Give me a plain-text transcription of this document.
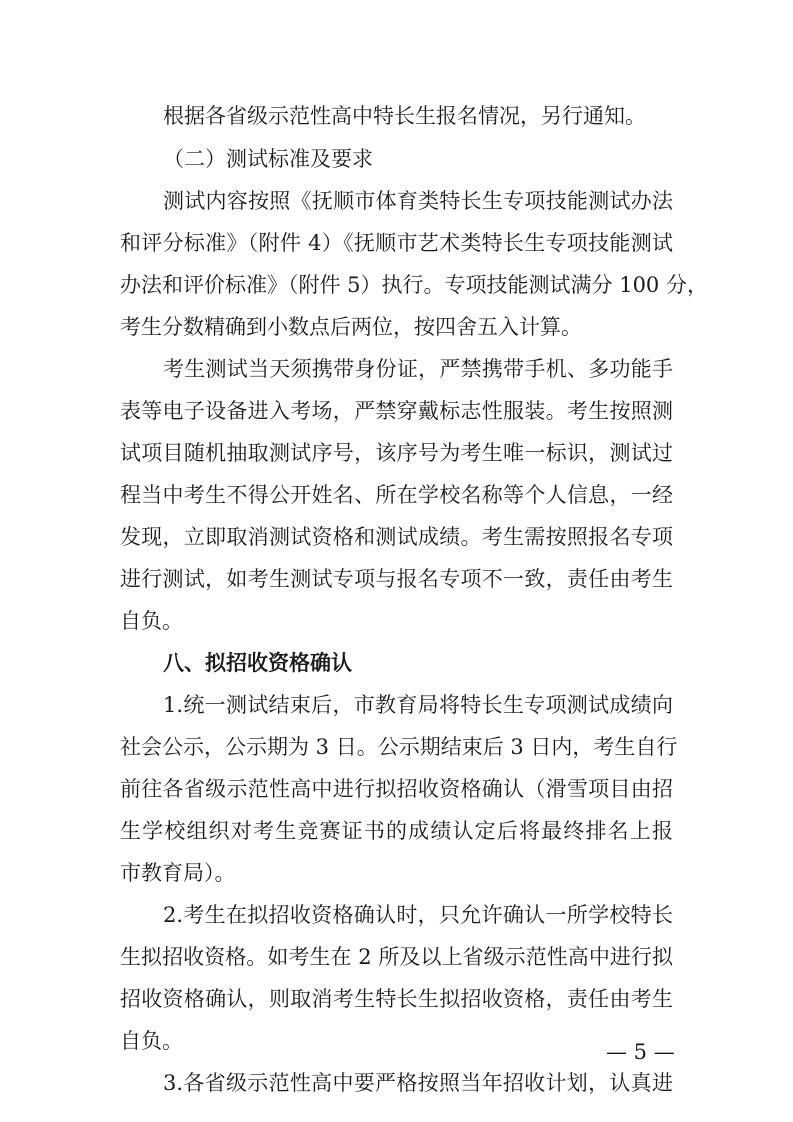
根据各省级示范性高中特长生报名情况，另行通知。
（二）测试标准及要求
测试内容按照《抚顺市体育类特长生专项技能测试办法
和评分标准》（附件 4）《抚顺市艺术类特长生专项技能测试
办法和评价标准》（附件 5）执行。专项技能测试满分 100 分，
考生分数精确到小数点后两位，按四舍五入计算。
考生测试当天须携带身份证，严禁携带手机、多功能手
表等电子设备进入考场，严禁穿戴标志性服装。考生按照测
试项目随机抽取测试序号，该序号为考生唯一标识，测试过
程当中考生不得公开姓名、所在学校名称等个人信息，一经
发现，立即取消测试资格和测试成绩。考生需按照报名专项
进行测试，如考生测试专项与报名专项不一致，责任由考生
自负。
八、拟招收资格确认
1.统一测试结束后，市教育局将特长生专项测试成绩向
社会公示，公示期为 3 日。公示期结束后 3 日内，考生自行
前往各省级示范性高中进行拟招收资格确认（滑雪项目由招
生学校组织对考生竞赛证书的成绩认定后将最终排名上报
市教育局）。
2.考生在拟招收资格确认时，只允许确认一所学校特长
生拟招收资格。如考生在 2 所及以上省级示范性高中进行拟
招收资格确认，则取消考生特长生拟招收资格，责任由考生
自负。
3.各省级示范性高中要严格按照当年招收计划，认真进
— 5 —
